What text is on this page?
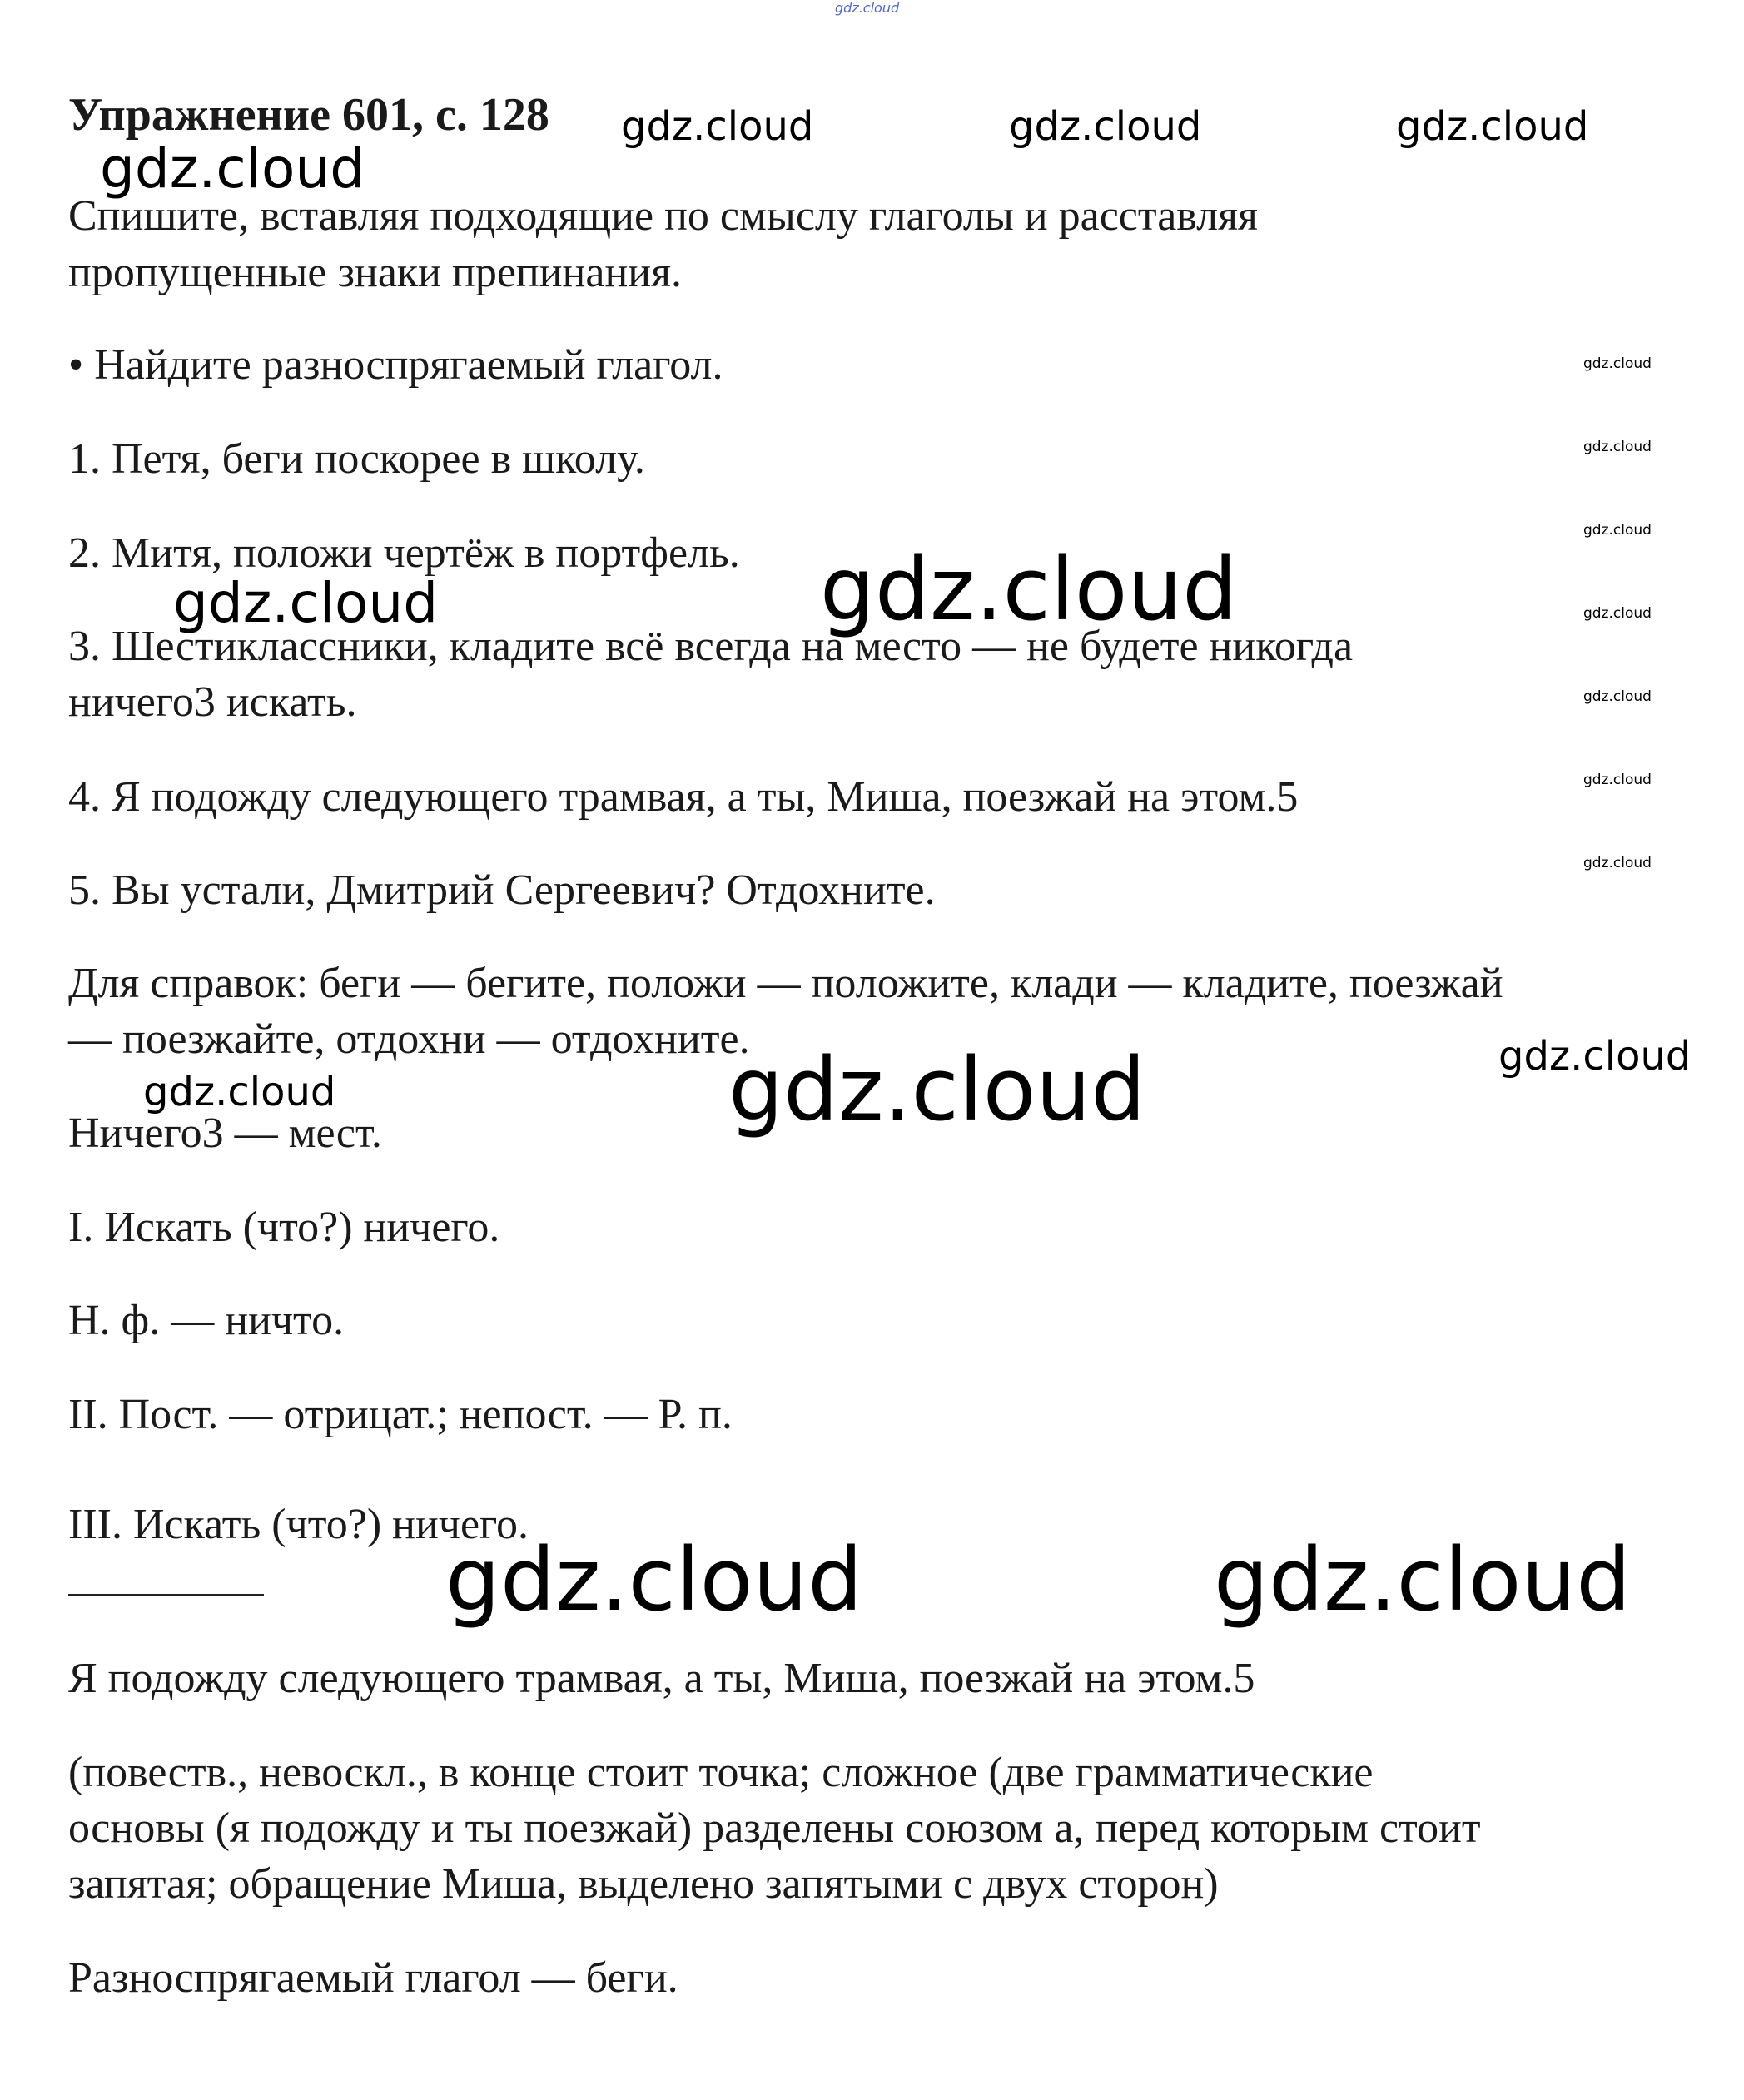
Упражнение 601, с. 128

Спишите, вставляя подходящие по смыслу глаголы и расставляя

пропущенные знаки препинания.

• Найдите разноспрягаемый глагол.

1. Петя, беги поскорее в школу.

2. Митя, положи чертёж в портфель.

3. Шестиклассники, кладите всё всегда на место — не будете никогда

ничего3 искать.

4. Я подожду следующего трамвая, а ты, Миша, поезжай на этом.5

5. Вы устали, Дмитрий Сергеевич? Отдохните.

Для справок: беги — бегите, положи — положите, клади — кладите, поезжай

— поезжайте, отдохни — отдохните.

Ничего3 — мест.

I. Искать (что?) ничего.

Н. ф. — ничто.

II. Пост. — отрицат.; непост. — Р. п.

III. Искать (что?) ничего.

Я подожду следующего трамвая, а ты, Миша, поезжай на этом.5

(повеств., невоскл., в конце стоит точка; сложное (две грамматические

основы (я подожду и ты поезжай) разделены союзом а, перед которым стоит

запятая; обращение Миша, выделено запятыми с двух сторон)

Разноспрягаемый глагол — беги.

gdz.cloud
gdz.cloud	gdz.cloud	gdz.cloud
gdz.cloud
gdz.cloud
gdz.cloud
gdz.cloud
gdz.cloud
gdz.cloud
gdz.cloud
gdz.cloud
gdz.cloud	gdz.cloud
gdz.cloud
gdz.cloud	gdz.cloud
gdz.cloud	gdz.cloud
